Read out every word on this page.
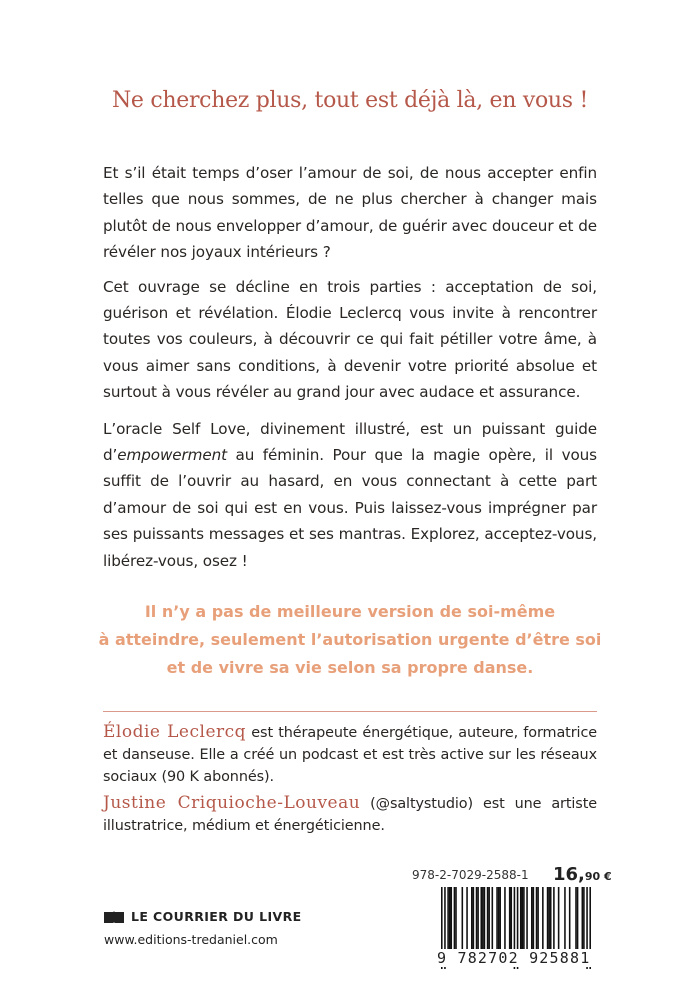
Ne cherchez plus, tout est déjà là, en vous !

Et s’il était temps d’oser l’amour de soi, de nous accepter enfin telles que nous sommes, de ne plus chercher à changer mais plutôt de nous envelopper d’amour, de guérir avec douceur et de révéler nos joyaux intérieurs ?

Cet ouvrage se décline en trois parties : acceptation de soi, guérison et révélation. Élodie Leclercq vous invite à rencontrer toutes vos couleurs, à découvrir ce qui fait pétiller votre âme, à vous aimer sans conditions, à devenir votre priorité absolue et surtout à vous révéler au grand jour avec audace et assurance.

L’oracle Self Love, divinement illustré, est un puissant guide d’empowerment au féminin. Pour que la magie opère, il vous suffit de l’ouvrir au hasard, en vous connectant à cette part d’amour de soi qui est en vous. Puis laissez-vous imprégner par ses puissants messages et ses mantras. Explorez, acceptez-vous, libérez-vous, osez !

Il n’y a pas de meilleure version de soi-même
à atteindre, seulement l’autorisation urgente d’être soi
et de vivre sa vie selon sa propre danse.

Élodie Leclercq est thérapeute énergétique, auteure, formatrice et danseuse. Elle a créé un podcast et est très active sur les réseaux sociaux (90 K abonnés).

Justine Criquioche-Louveau (@saltystudio) est une artiste illustratrice, médium et énergéticienne.

978-2-7029-2588-1 16,90 €
9 782702 925881
LE COURRIER DU LIVRE
www.editions-tredaniel.com
